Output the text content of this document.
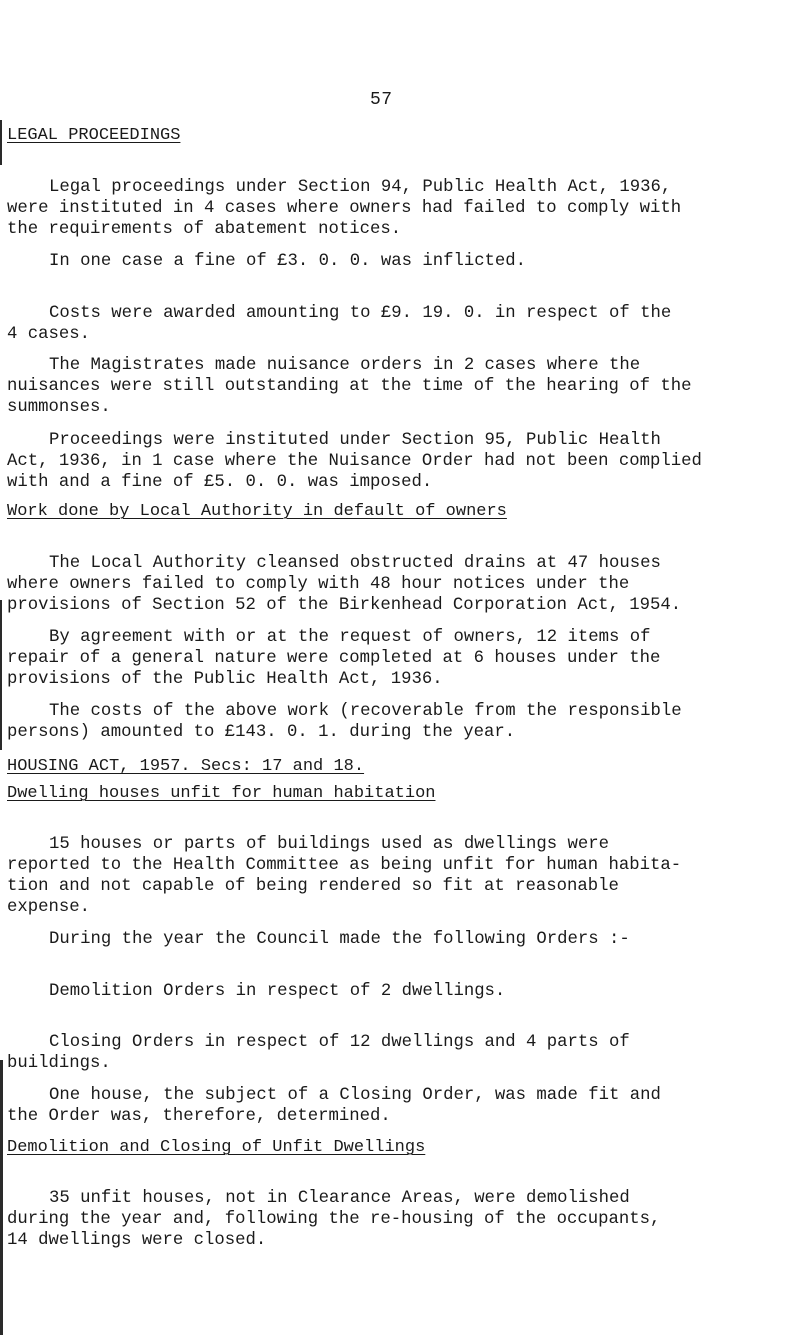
57
LEGAL PROCEEDINGS
Legal proceedings under Section 94, Public Health Act, 1936,
were instituted in 4 cases where owners had failed to comply with
the requirements of abatement notices.
In one case a fine of £3. 0. 0. was inflicted.
Costs were awarded amounting to £9. 19. 0. in respect of the
4 cases.
The Magistrates made nuisance orders in 2 cases where the
nuisances were still outstanding at the time of the hearing of the
summonses.
Proceedings were instituted under Section 95, Public Health
Act, 1936, in 1 case where the Nuisance Order had not been complied
with and a fine of £5. 0. 0. was imposed.
Work done by Local Authority in default of owners
The Local Authority cleansed obstructed drains at 47 houses
where owners failed to comply with 48 hour notices under the
provisions of Section 52 of the Birkenhead Corporation Act, 1954.
By agreement with or at the request of owners, 12 items of
repair of a general nature were completed at 6 houses under the
provisions of the Public Health Act, 1936.
The costs of the above work (recoverable from the responsible
persons) amounted to £143. 0. 1. during the year.
HOUSING ACT, 1957. Secs: 17 and 18.
Dwelling houses unfit for human habitation
15 houses or parts of buildings used as dwellings were
reported to the Health Committee as being unfit for human habita-
tion and not capable of being rendered so fit at reasonable
expense.
During the year the Council made the following Orders :-
Demolition Orders in respect of 2 dwellings.
Closing Orders in respect of 12 dwellings and 4 parts of
buildings.
One house, the subject of a Closing Order, was made fit and
the Order was, therefore, determined.
Demolition and Closing of Unfit Dwellings
35 unfit houses, not in Clearance Areas, were demolished
during the year and, following the re-housing of the occupants,
14 dwellings were closed.
